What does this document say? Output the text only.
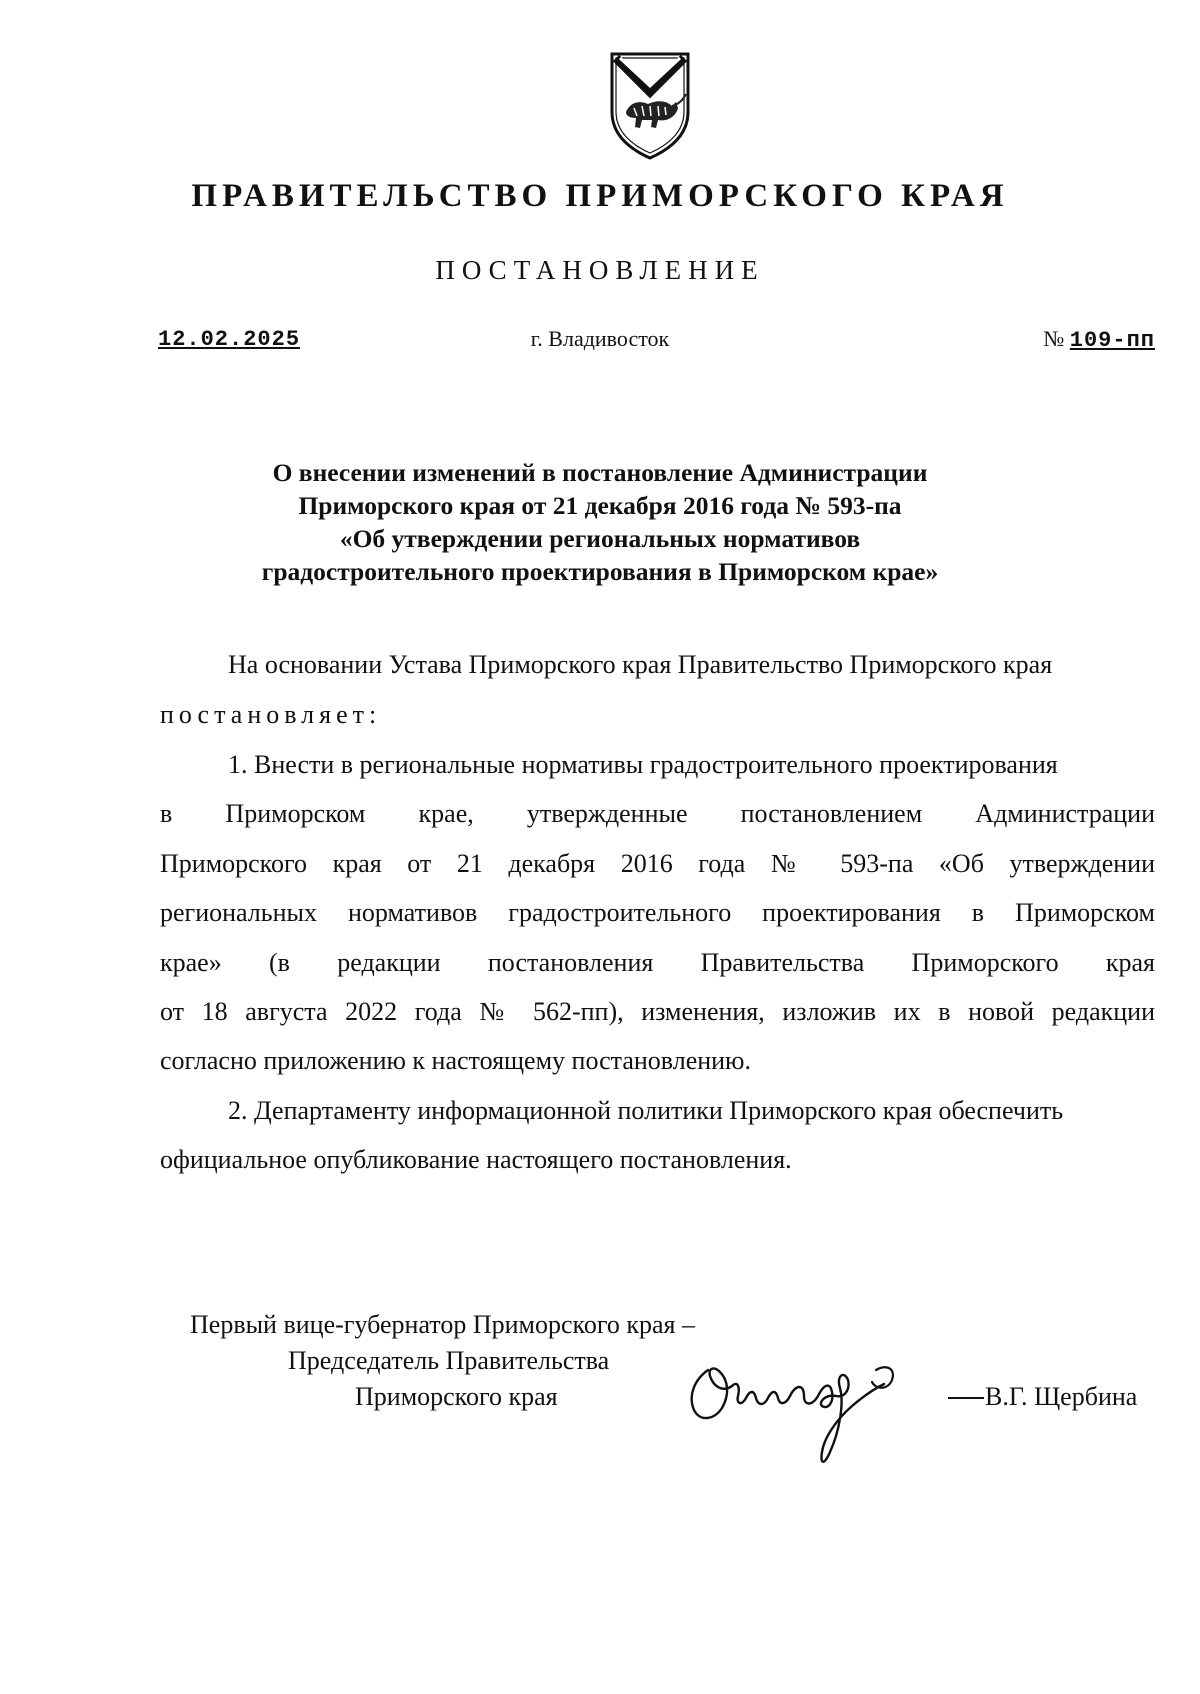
ПРАВИТЕЛЬСТВО ПРИМОРСКОГО КРАЯ
ПОСТАНОВЛЕНИЕ
12.02.2025	г. Владивосток	№ 109-пп
О внесении изменений в постановление Администрации
Приморского края от 21 декабря 2016 года № 593-па
«Об утверждении региональных нормативов
градостроительного проектирования в Приморском крае»
На основании Устава Приморского края Правительство Приморского края
постановляет:
1. Внести в региональные нормативы градостроительного проектирования
в Приморском крае, утвержденные постановлением Администрации
Приморского края от 21 декабря 2016 года № 593-па «Об утверждении
региональных нормативов градостроительного проектирования в Приморском
крае» (в редакции постановления Правительства Приморского края
от 18 августа 2022 года № 562-пп), изменения, изложив их в новой редакции
согласно приложению к настоящему постановлению.
2. Департаменту информационной политики Приморского края обеспечить
официальное опубликование настоящего постановления.
Первый вице-губернатор Приморского края –
Председатель Правительства
Приморского края	В.Г. Щербина
